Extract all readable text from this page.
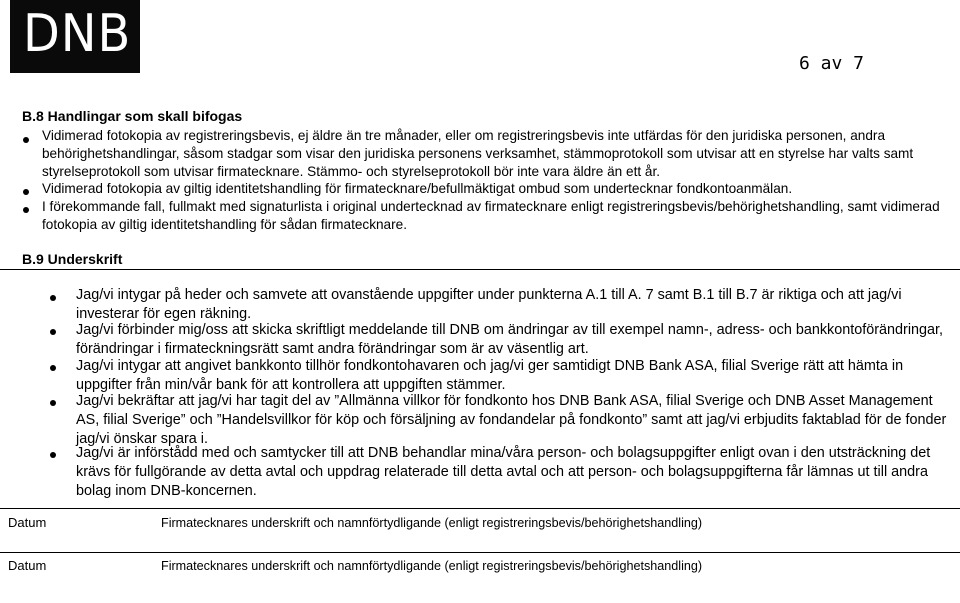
DNB	6 av 7
B.8 Handlingar som skall bifogas

Vidimerad fotokopia av registreringsbevis, ej äldre än tre månader, eller om registreringsbevis inte utfärdas för den juridiska personen, andra behörighetshandlingar, såsom stadgar som visar den juridiska personens verksamhet, stämmoprotokoll som utvisar att en styrelse har valts samt styrelseprotokoll som utvisar firmatecknare. Stämmo- och styrelseprotokoll bör inte vara äldre än ett år.

Vidimerad fotokopia av giltig identitetshandling för firmatecknare/befullmäktigat ombud som undertecknar fondkontoanmälan.

I förekommande fall, fullmakt med signaturlista i original undertecknad av firmatecknare enligt registreringsbevis/behörighetshandling, samt vidimerad fotokopia av giltig identitetshandling för sådan firmatecknare.

B.9 Underskrift

Jag/vi intygar på heder och samvete att ovanstående uppgifter under punkterna A.1 till A. 7 samt B.1 till B.7 är riktiga och att jag/vi investerar för egen räkning.

Jag/vi förbinder mig/oss att skicka skriftligt meddelande till DNB om ändringar av till exempel namn-, adress- och bankkontoförändringar, förändringar i firmateckningsrätt samt andra förändringar som är av väsentlig art.

Jag/vi intygar att angivet bankkonto tillhör fondkontohavaren och jag/vi ger samtidigt DNB Bank ASA, filial Sverige rätt att hämta in uppgifter från min/vår bank för att kontrollera att uppgiften stämmer.

Jag/vi bekräftar att jag/vi har tagit del av ”Allmänna villkor för fondkonto hos DNB Bank ASA, filial Sverige och DNB Asset Management AS, filial Sverige” och ”Handelsvillkor för köp och försäljning av fondandelar på fondkonto” samt att jag/vi erbjudits faktablad för de fonder jag/vi önskar spara i.

Jag/vi är införstådd med och samtycker till att DNB behandlar mina/våra person- och bolagsuppgifter enligt ovan i den utsträckning det krävs för fullgörande av detta avtal och uppdrag relaterade till detta avtal och att person- och bolagsuppgifterna får lämnas ut till andra bolag inom DNB-koncernen.

Datum	Firmatecknares underskrift och namnförtydligande (enligt registreringsbevis/behörighetshandling)
Datum	Firmatecknares underskrift och namnförtydligande (enligt registreringsbevis/behörighetshandling)
